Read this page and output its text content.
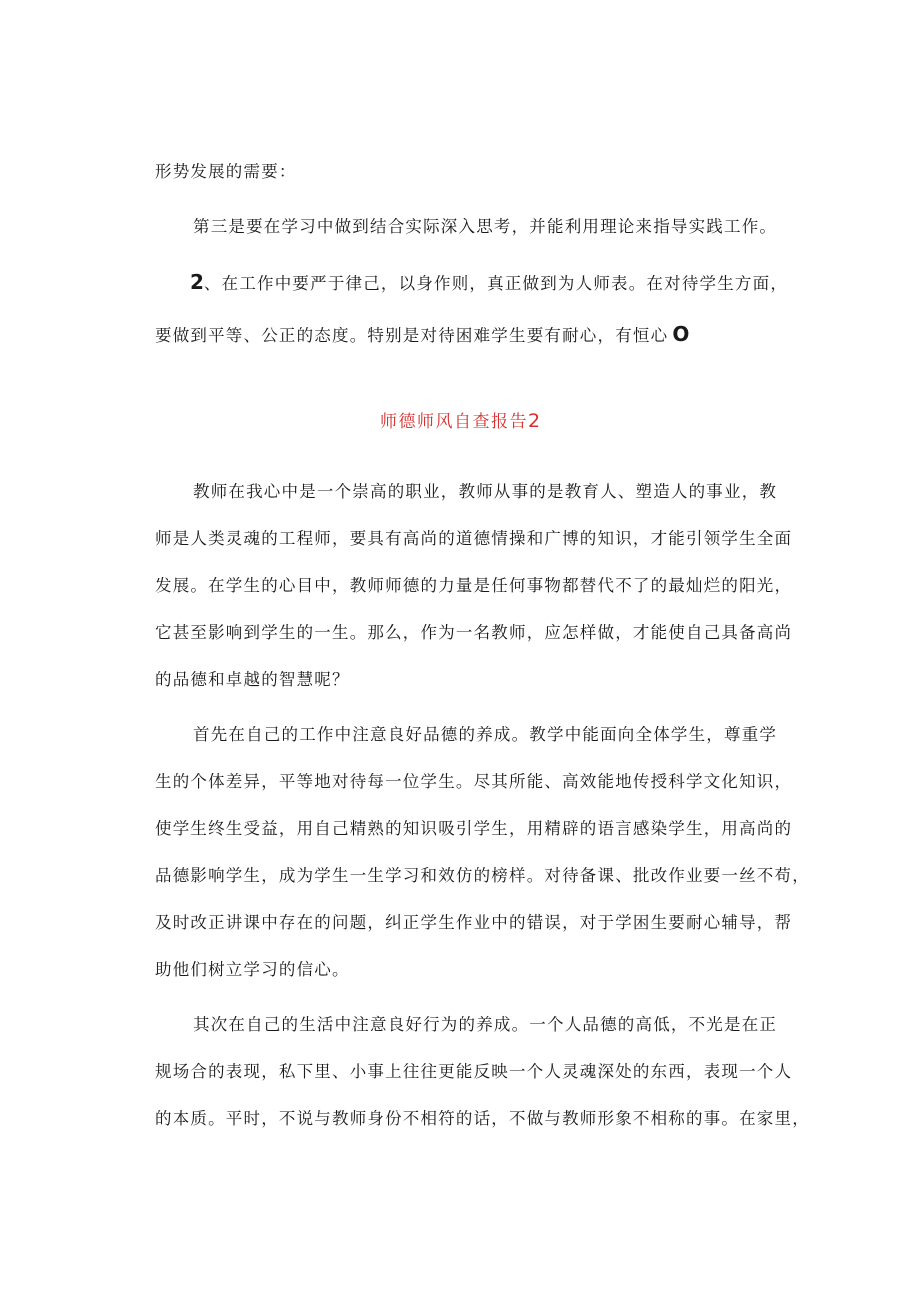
形势发展的需要：
第三是要在学习中做到结合实际深入思考，并能利用理论来指导实践工作。
2、在工作中要严于律己，以身作则，真正做到为人师表。在对待学生方面，
要做到平等、公正的态度。特别是对待困难学生要有耐心，有恒心 O
师德师风自查报告2
教师在我心中是一个崇高的职业，教师从事的是教育人、塑造人的事业，教
师是人类灵魂的工程师，要具有高尚的道德情操和广博的知识，才能引领学生全面
发展。在学生的心目中，教师师德的力量是任何事物都替代不了的最灿烂的阳光，
它甚至影响到学生的一生。那么，作为一名教师，应怎样做，才能使自己具备高尚
的品德和卓越的智慧呢？
首先在自己的工作中注意良好品德的养成。教学中能面向全体学生，尊重学
生的个体差异，平等地对待每一位学生。尽其所能、高效能地传授科学文化知识，
使学生终生受益，用自己精熟的知识吸引学生，用精辟的语言感染学生，用高尚的
品德影响学生，成为学生一生学习和效仿的榜样。对待备课、批改作业要一丝不苟，
及时改正讲课中存在的问题，纠正学生作业中的错误，对于学困生要耐心辅导，帮
助他们树立学习的信心。
其次在自己的生活中注意良好行为的养成。一个人品德的高低，不光是在正
规场合的表现，私下里、小事上往往更能反映一个人灵魂深处的东西，表现一个人
的本质。平时，不说与教师身份不相符的话，不做与教师形象不相称的事。在家里，
